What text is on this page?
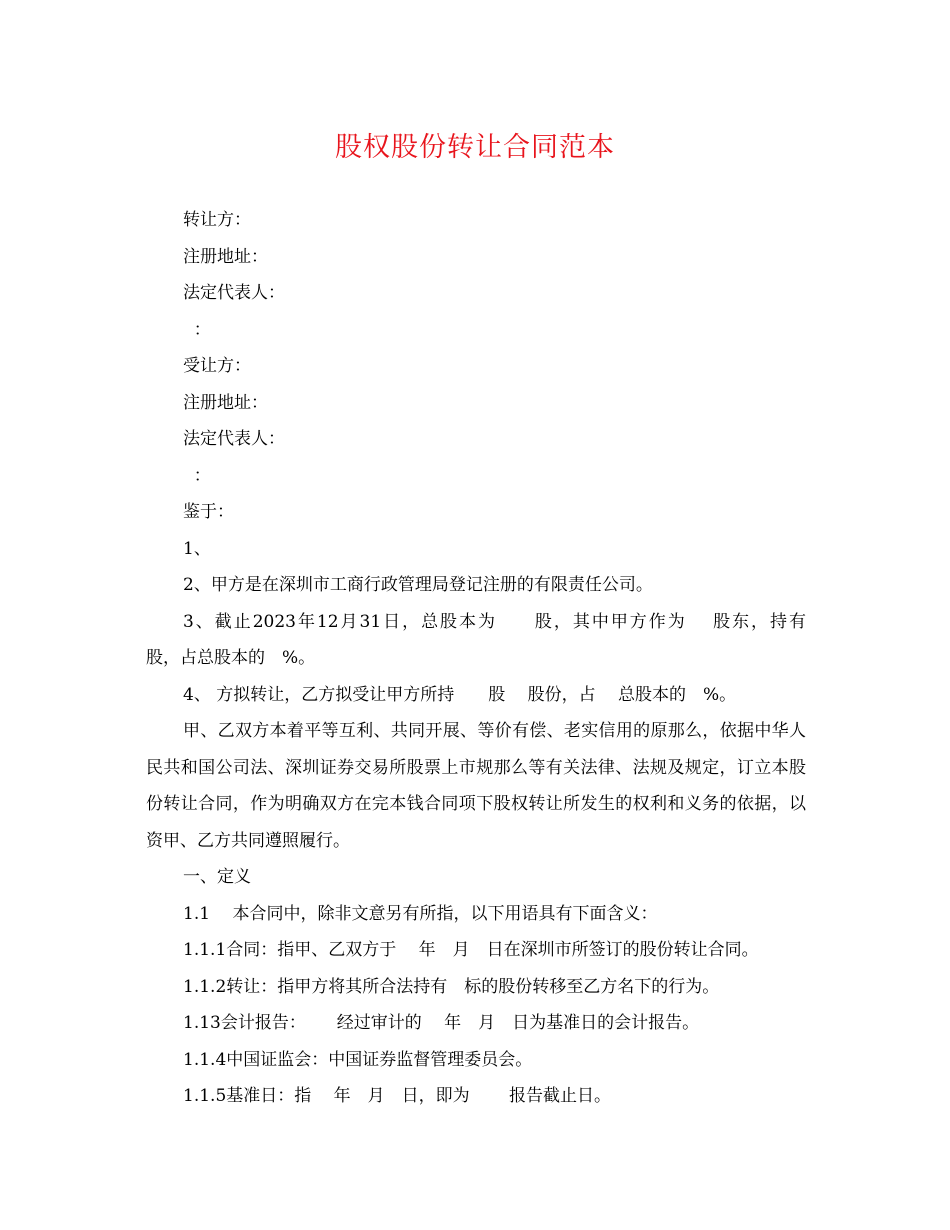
股权股份转让合同范本

转让方：

注册地址：

法定代表人：

：

受让方：

注册地址：

法定代表人：

：

鉴于：

1、

2、甲方是在深圳市工商行政管理局登记注册的有限责任公司。

3、截止2023年12月31日，总股本为　　股，其中甲方作为　 股东，持有　　股，占总股本的　%。

4、 方拟转让，乙方拟受让甲方所持　　股　 股份，占　 总股本的　%。

甲、乙双方本着平等互利、共同开展、等价有偿、老实信用的原那么，依据中华人民共和国公司法、深圳证券交易所股票上市规那么等有关法律、法规及规定，订立本股份转让合同，作为明确双方在完本钱合同项下股权转让所发生的权利和义务的依据，以资甲、乙方共同遵照履行。

一、定义

1.1　 本合同中，除非文意另有所指，以下用语具有下面含义：

1.1.1合同：指甲、乙双方于　 年　月　日在深圳市所签订的股份转让合同。

1.1.2转让：指甲方将其所合法持有　标的股份转移至乙方名下的行为。

1.13会计报告：　　 经过审计的　 年　月　日为基准日的会计报告。

1.1.4中国证监会：中国证券监督管理委员会。

1.1.5基准日：指　 年　月　日，即为　　 报告截止日。
